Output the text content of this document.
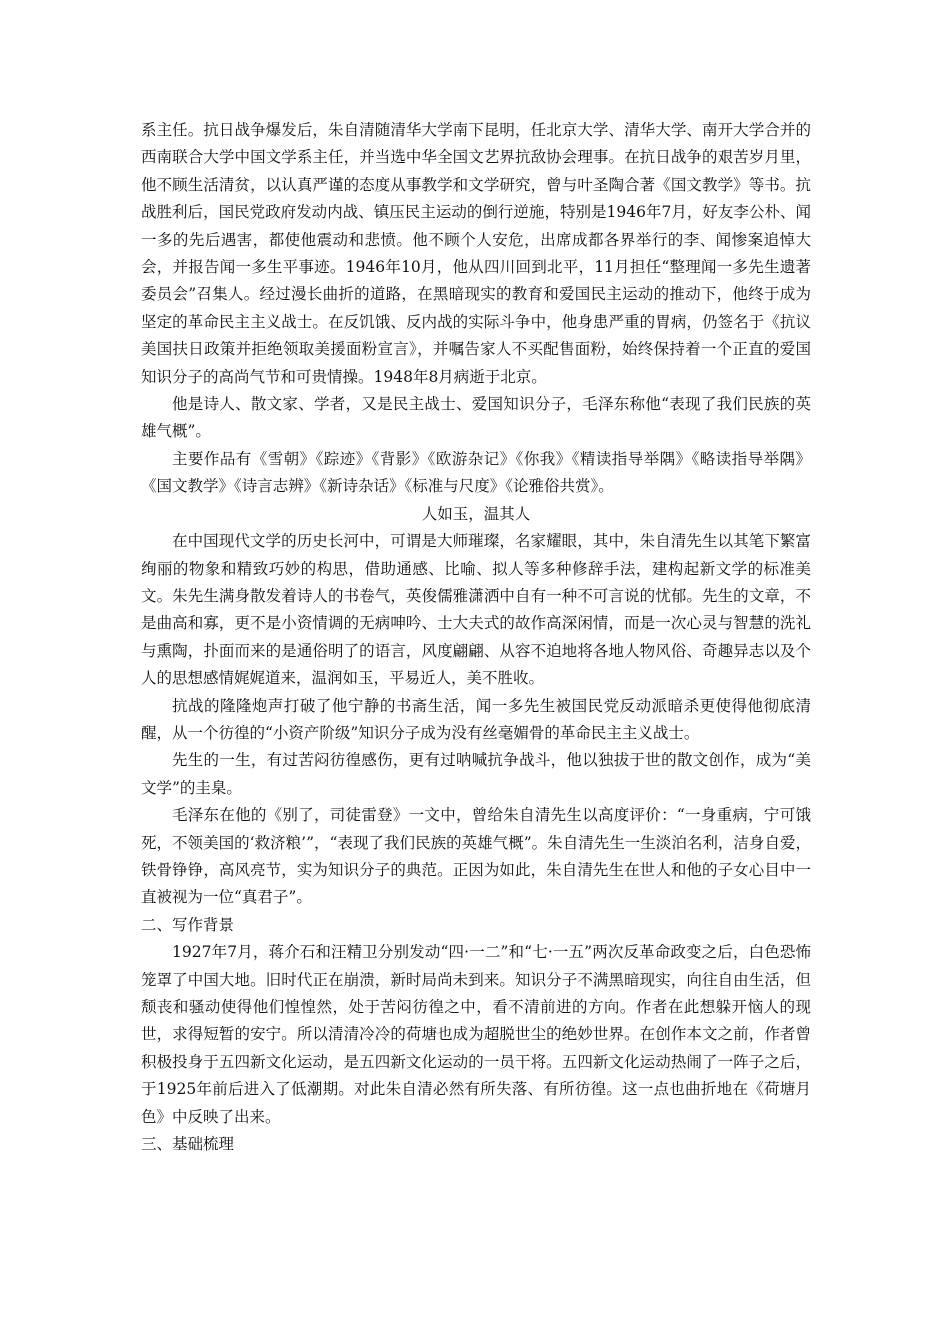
系主任。抗日战争爆发后，朱自清随清华大学南下昆明，任北京大学、清华大学、南开大学合并的西南联合大学中国文学系主任，并当选中华全国文艺界抗敌协会理事。在抗日战争的艰苦岁月里，他不顾生活清贫，以认真严谨的态度从事教学和文学研究，曾与叶圣陶合著《国文教学》等书。抗战胜利后，国民党政府发动内战、镇压民主运动的倒行逆施，特别是1946年7月，好友李公朴、闻一多的先后遇害，都使他震动和悲愤。他不顾个人安危，出席成都各界举行的李、闻惨案追悼大会，并报告闻一多生平事迹。1946年10月，他从四川回到北平，11月担任“整理闻一多先生遗著委员会”召集人。经过漫长曲折的道路，在黑暗现实的教育和爱国民主运动的推动下，他终于成为坚定的革命民主主义战士。在反饥饿、反内战的实际斗争中，他身患严重的胃病，仍签名于《抗议美国扶日政策并拒绝领取美援面粉宣言》，并嘱告家人不买配售面粉，始终保持着一个正直的爱国知识分子的高尚气节和可贵情操。1948年8月病逝于北京。

他是诗人、散文家、学者，又是民主战士、爱国知识分子，毛泽东称他“表现了我们民族的英雄气概”。

主要作品有《雪朝》《踪迹》《背影》《欧游杂记》《你我》《精读指导举隅》《略读指导举隅》《国文教学》《诗言志辨》《新诗杂话》《标准与尺度》《论雅俗共赏》。

人如玉，温其人

在中国现代文学的历史长河中，可谓是大师璀璨，名家耀眼，其中，朱自清先生以其笔下繁富绚丽的物象和精致巧妙的构思，借助通感、比喻、拟人等多种修辞手法，建构起新文学的标准美文。朱先生满身散发着诗人的书卷气，英俊儒雅潇洒中自有一种不可言说的忧郁。先生的文章，不是曲高和寡，更不是小资情调的无病呻吟、士大夫式的故作高深闲情，而是一次心灵与智慧的洗礼与熏陶，扑面而来的是通俗明了的语言，风度翩翩、从容不迫地将各地人物风俗、奇趣异志以及个人的思想感情娓娓道来，温润如玉，平易近人，美不胜收。

抗战的隆隆炮声打破了他宁静的书斋生活，闻一多先生被国民党反动派暗杀更使得他彻底清醒，从一个彷徨的“小资产阶级”知识分子成为没有丝毫媚骨的革命民主主义战士。

先生的一生，有过苦闷彷徨感伤，更有过呐喊抗争战斗，他以独拔于世的散文创作，成为“美文学”的圭臬。

毛泽东在他的《别了，司徒雷登》一文中，曾给朱自清先生以高度评价：“一身重病，宁可饿死，不领美国的‘救济粮’”，“表现了我们民族的英雄气概”。朱自清先生一生淡泊名利，洁身自爱，铁骨铮铮，高风亮节，实为知识分子的典范。正因为如此，朱自清先生在世人和他的子女心目中一直被视为一位“真君子”。

二、写作背景

1927年7月，蒋介石和汪精卫分别发动“四·一二”和“七·一五”两次反革命政变之后，白色恐怖笼罩了中国大地。旧时代正在崩溃，新时局尚未到来。知识分子不满黑暗现实，向往自由生活，但颓丧和骚动使得他们惶惶然，处于苦闷彷徨之中，看不清前进的方向。作者在此想躲开恼人的现世，求得短暂的安宁。所以清清冷冷的荷塘也成为超脱世尘的绝妙世界。在创作本文之前，作者曾积极投身于五四新文化运动，是五四新文化运动的一员干将。五四新文化运动热闹了一阵子之后，于1925年前后进入了低潮期。对此朱自清必然有所失落、有所彷徨。这一点也曲折地在《荷塘月色》中反映了出来。

三、基础梳理
